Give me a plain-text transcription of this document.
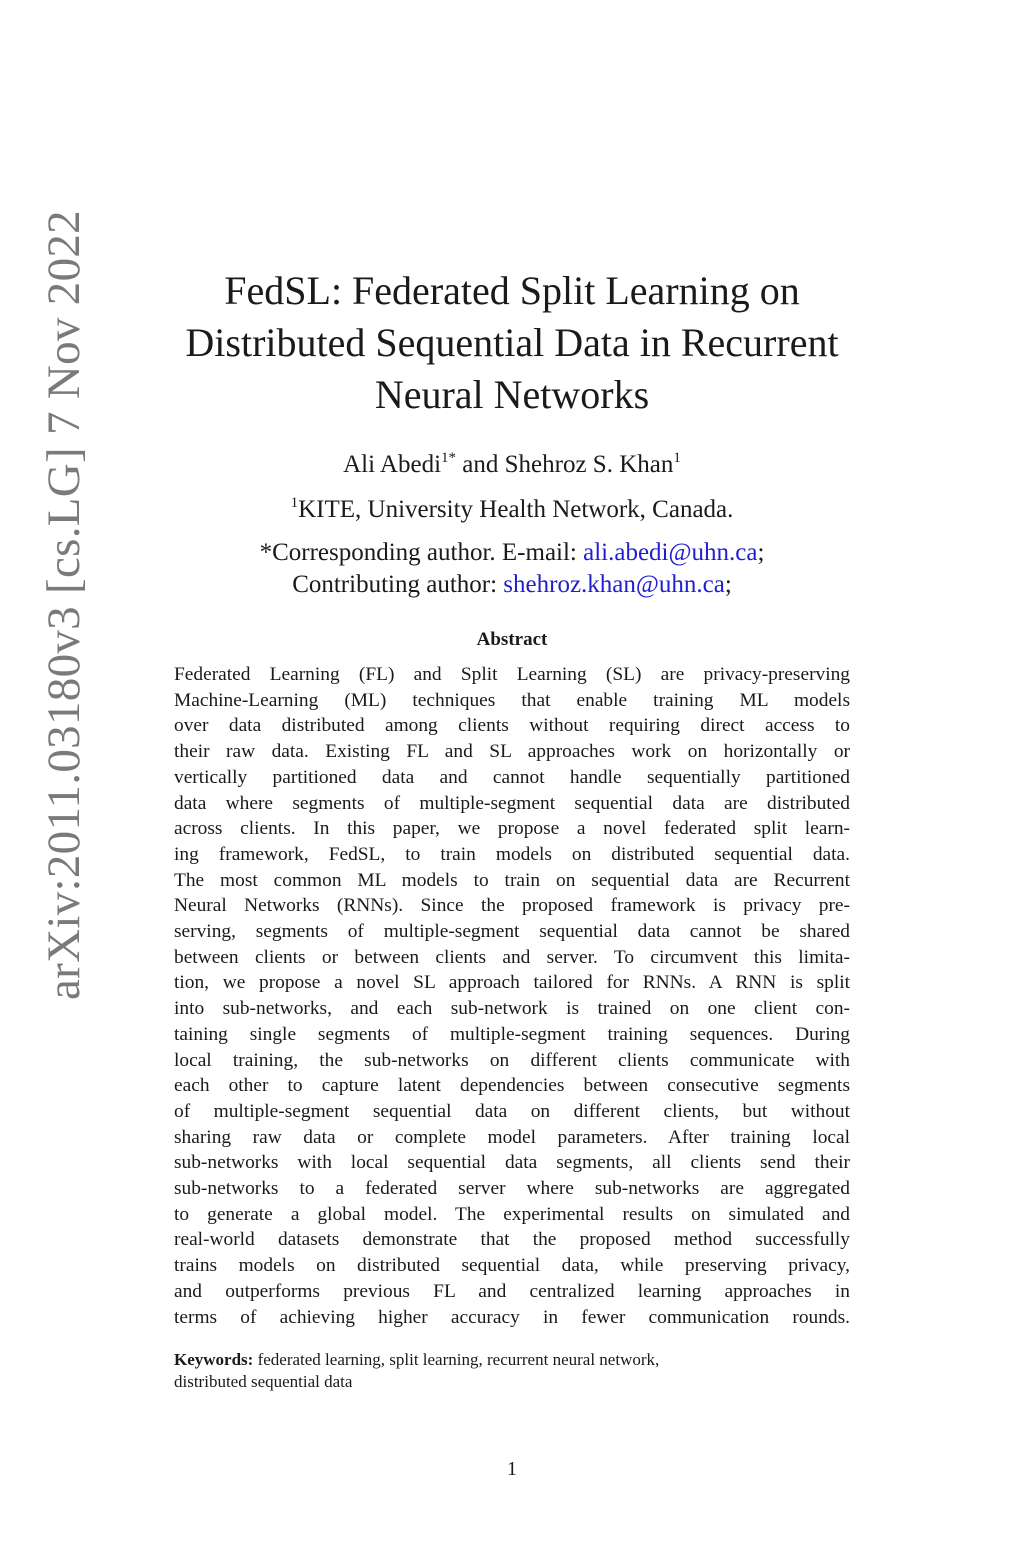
arXiv:2011.03180v3 [cs.LG] 7 Nov 2022	FedSL: Federated Split Learning on
Distributed Sequential Data in Recurrent
Neural Networks
Ali Abedi$^{1*}$ and Shehroz S. Khan$^1$
$^1$KITE, University Health Network, Canada.
*Corresponding author. E-mail: ali.abedi@uhn.ca;
Contributing author: shehroz.khan@uhn.ca;
Abstract
Federated Learning (FL) and Split Learning (SL) are privacy-preserving
Machine-Learning (ML) techniques that enable training ML models
over data distributed among clients without requiring direct access to
their raw data. Existing FL and SL approaches work on horizontally or
vertically partitioned data and cannot handle sequentially partitioned
data where segments of multiple-segment sequential data are distributed
across clients. In this paper, we propose a novel federated split learn-
ing framework, FedSL, to train models on distributed sequential data.
The most common ML models to train on sequential data are Recurrent
Neural Networks (RNNs). Since the proposed framework is privacy pre-
serving, segments of multiple-segment sequential data cannot be shared
between clients or between clients and server. To circumvent this limita-
tion, we propose a novel SL approach tailored for RNNs. A RNN is split
into sub-networks, and each sub-network is trained on one client con-
taining single segments of multiple-segment training sequences. During
local training, the sub-networks on different clients communicate with
each other to capture latent dependencies between consecutive segments
of multiple-segment sequential data on different clients, but without
sharing raw data or complete model parameters. After training local
sub-networks with local sequential data segments, all clients send their
sub-networks to a federated server where sub-networks are aggregated
to generate a global model. The experimental results on simulated and
real-world datasets demonstrate that the proposed method successfully
trains models on distributed sequential data, while preserving privacy,
and outperforms previous FL and centralized learning approaches in
terms of achieving higher accuracy in fewer communication rounds.
Keywords: federated learning, split learning, recurrent neural network,
distributed sequential data
1
